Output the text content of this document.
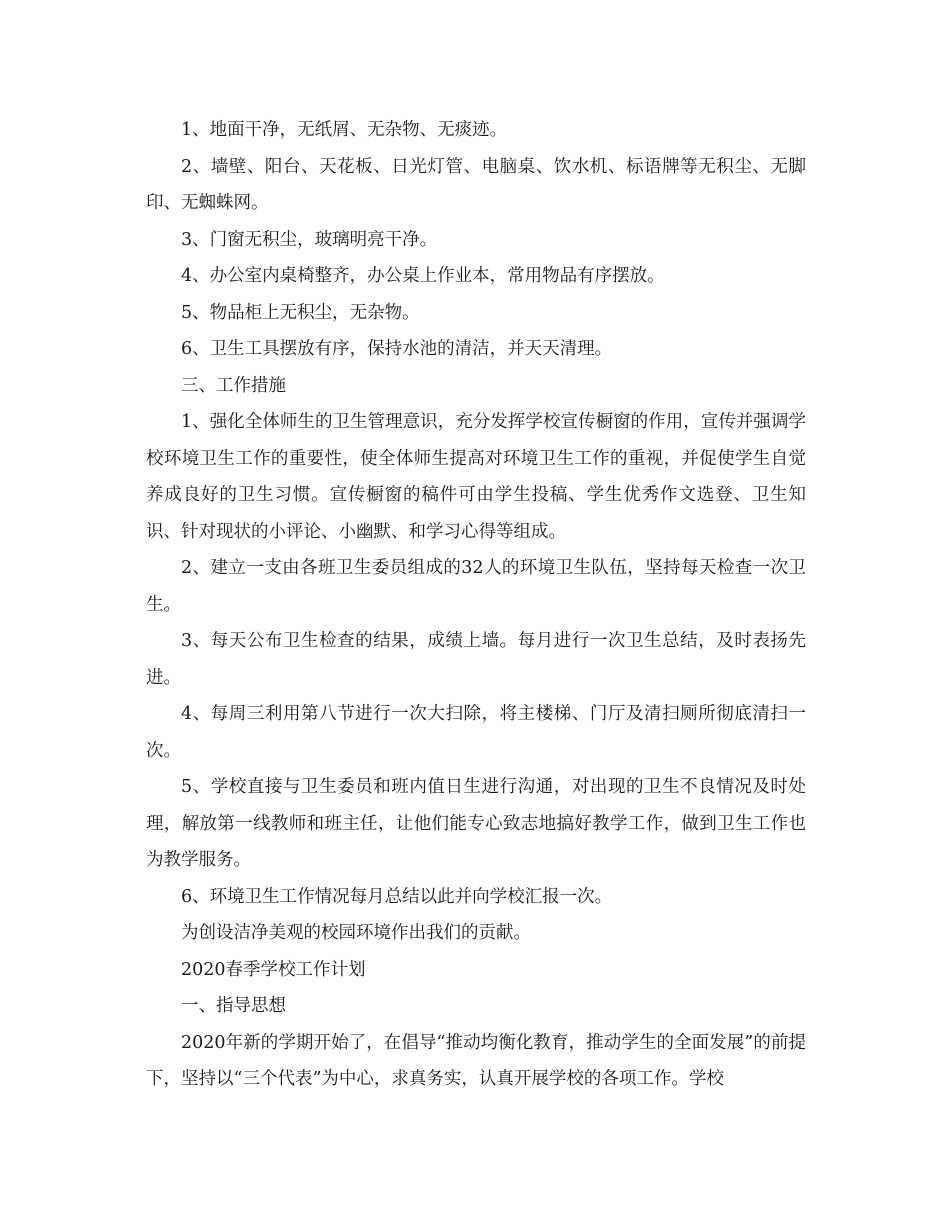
1、地面干净，无纸屑、无杂物、无痰迹。

2、墙壁、阳台、天花板、日光灯管、电脑桌、饮水机、标语牌等无积尘、无脚印、无蜘蛛网。

3、门窗无积尘，玻璃明亮干净。

4、办公室内桌椅整齐，办公桌上作业本，常用物品有序摆放。

5、物品柜上无积尘，无杂物。

6、卫生工具摆放有序，保持水池的清洁，并天天清理。

三、工作措施

1、强化全体师生的卫生管理意识，充分发挥学校宣传橱窗的作用，宣传并强调学校环境卫生工作的重要性，使全体师生提高对环境卫生工作的重视，并促使学生自觉养成良好的卫生习惯。宣传橱窗的稿件可由学生投稿、学生优秀作文选登、卫生知识、针对现状的小评论、小幽默、和学习心得等组成。

2、建立一支由各班卫生委员组成的32人的环境卫生队伍，坚持每天检查一次卫生。

3、每天公布卫生检查的结果，成绩上墙。每月进行一次卫生总结，及时表扬先进。

4、每周三利用第八节进行一次大扫除，将主楼梯、门厅及清扫厕所彻底清扫一次。

5、学校直接与卫生委员和班内值日生进行沟通，对出现的卫生不良情况及时处理，解放第一线教师和班主任，让他们能专心致志地搞好教学工作，做到卫生工作也为教学服务。

6、环境卫生工作情况每月总结以此并向学校汇报一次。

为创设洁净美观的校园环境作出我们的贡献。

2020春季学校工作计划

一、指导思想

2020年新的学期开始了，在倡导“推动均衡化教育，推动学生的全面发展”的前提下，坚持以“三个代表”为中心，求真务实，认真开展学校的各项工作。学校
